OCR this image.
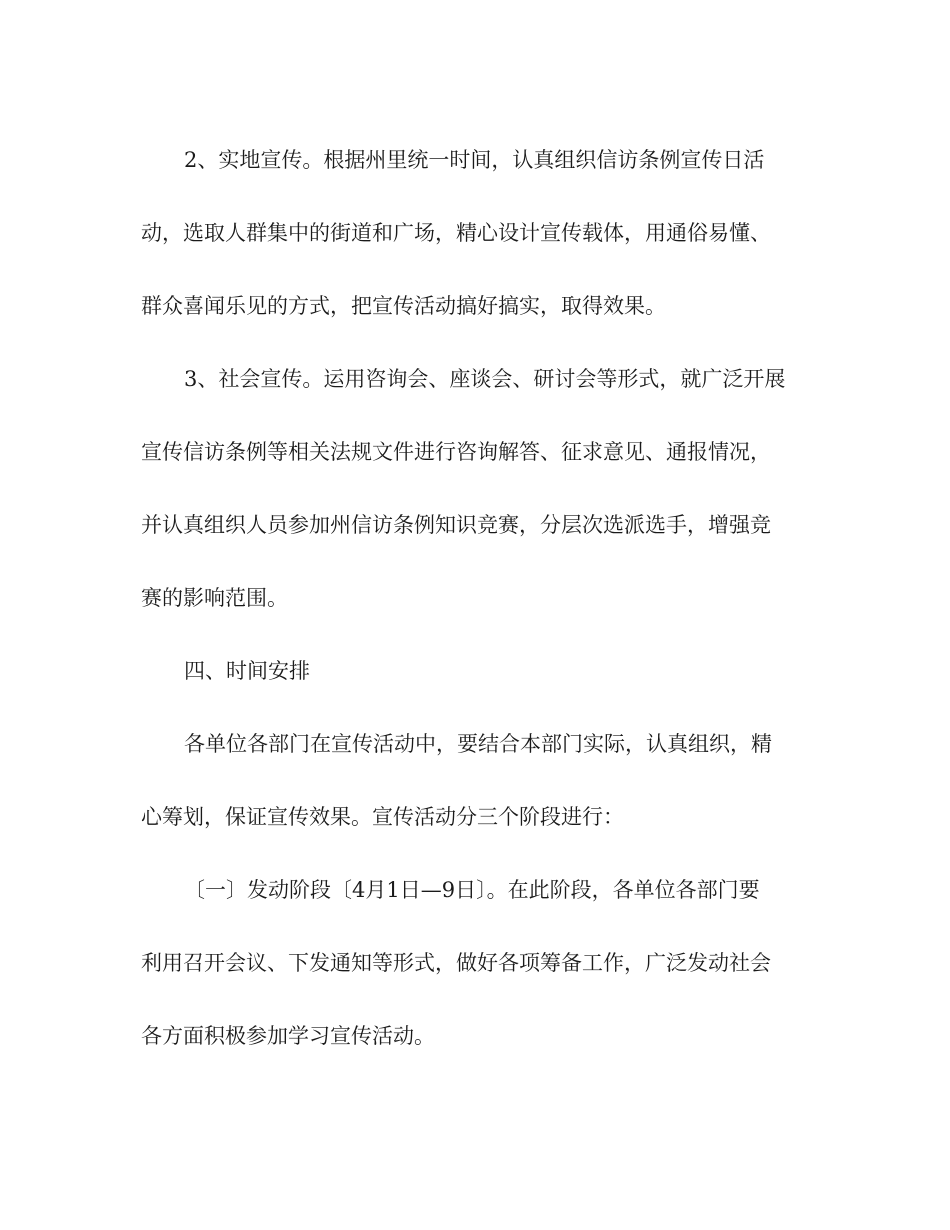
2、实地宣传。根据州里统一时间，认真组织信访条例宣传日活
动，选取人群集中的街道和广场，精心设计宣传载体，用通俗易懂、
群众喜闻乐见的方式，把宣传活动搞好搞实，取得效果。
3、社会宣传。运用咨询会、座谈会、研讨会等形式，就广泛开展
宣传信访条例等相关法规文件进行咨询解答、征求意见、通报情况，
并认真组织人员参加州信访条例知识竞赛，分层次选派选手，增强竞
赛的影响范围。
四、时间安排
各单位各部门在宣传活动中，要结合本部门实际，认真组织，精
心筹划，保证宣传效果。宣传活动分三个阶段进行：
〔一〕发动阶段〔4月1日—9日〕。在此阶段，各单位各部门要
利用召开会议、下发通知等形式，做好各项筹备工作，广泛发动社会
各方面积极参加学习宣传活动。
